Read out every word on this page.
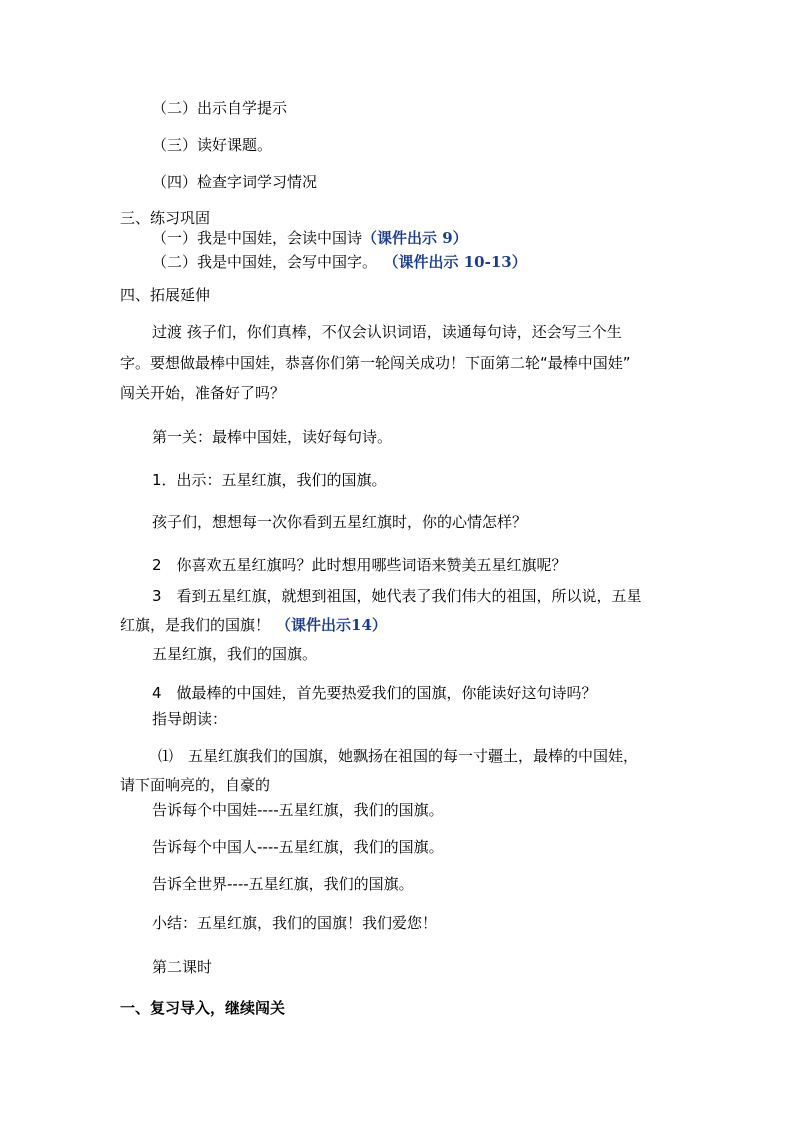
（二）出示自学提示
（三）读好课题。
（四）检查字词学习情况
三、练习巩固
（一）我是中国娃，会读中国诗（课件出示 9）
（二）我是中国娃，会写中国字。 （课件出示 10-13）
四、拓展延伸
过渡 孩子们，你们真棒，不仅会认识词语，读通每句诗，还会写三个生
字。要想做最棒中国娃，恭喜你们第一轮闯关成功！下面第二轮“最棒中国娃”
闯关开始，准备好了吗？
第一关：最棒中国娃，读好每句诗。
1．出示：五星红旗，我们的国旗。
孩子们，想想每一次你看到五星红旗时，你的心情怎样？
2　你喜欢五星红旗吗？此时想用哪些词语来赞美五星红旗呢？
3　看到五星红旗，就想到祖国，她代表了我们伟大的祖国，所以说，五星
红旗，是我们的国旗！ （课件出示14）
五星红旗，我们的国旗。
4　做最棒的中国娃，首先要热爱我们的国旗，你能读好这句诗吗？
指导朗读：
⑴　五星红旗我们的国旗，她飘扬在祖国的每一寸疆土，最棒的中国娃，
请下面响亮的，自豪的
告诉每个中国娃----五星红旗，我们的国旗。
告诉每个中国人----五星红旗，我们的国旗。
告诉全世界----五星红旗，我们的国旗。
小结：五星红旗，我们的国旗！我们爱您！
第二课时
一、复习导入，继续闯关
